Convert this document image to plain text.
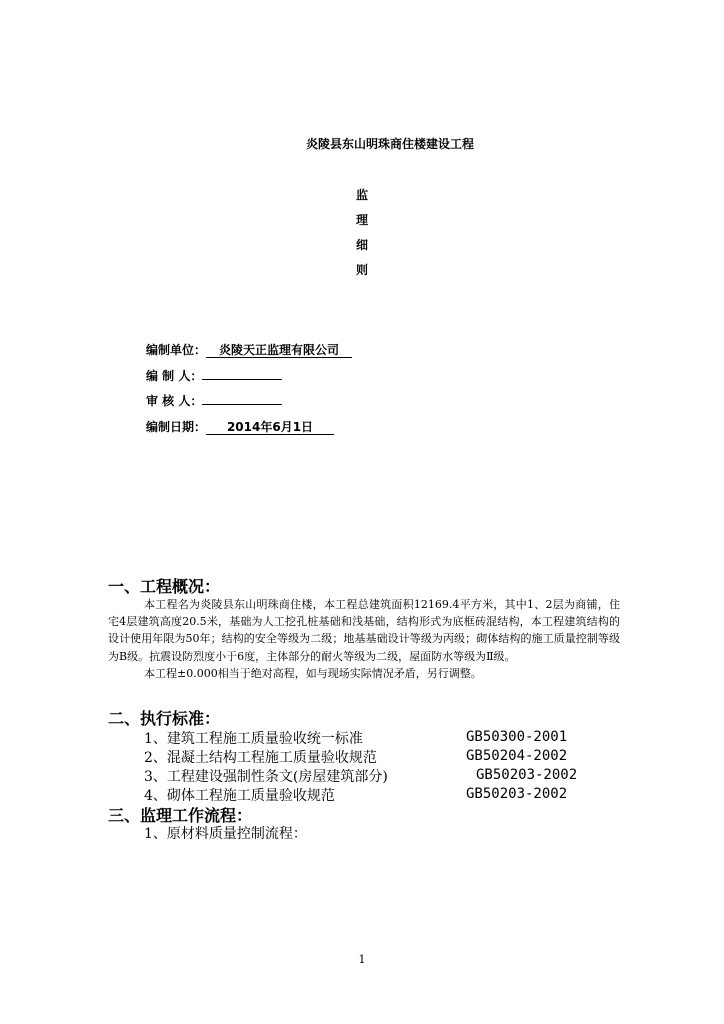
炎陵县东山明珠商住楼建设工程
监
理
细
则
编制单位： 炎陵天正监理有限公司
编 制 人：
审 核 人：
编制日期： 2014年6月1日
一、工程概况：

本工程名为炎陵县东山明珠商住楼，本工程总建筑面积12169.4平方米，其中1、2层为商铺，住宅4层建筑高度20.5米，基础为人工挖孔桩基础和浅基础，结构形式为底框砖混结构，本工程建筑结构的设计使用年限为50年；结构的安全等级为二级；地基基础设计等级为丙级；砌体结构的施工质量控制等级为B级。抗震设防烈度小于6度，主体部分的耐火等级为二级，屋面防水等级为Ⅱ级。

本工程±0.000相当于绝对高程，如与现场实际情况矛盾，另行调整。

二、执行标准：
1、建筑工程施工质量验收统一标准	GB50300-2001
2、混凝土结构工程施工质量验收规范	GB50204-2002
3、工程建设强制性条文(房屋建筑部分)	GB50203-2002
4、砌体工程施工质量验收规范	GB50203-2002
三、监理工作流程：
1、原材料质量控制流程：
1
